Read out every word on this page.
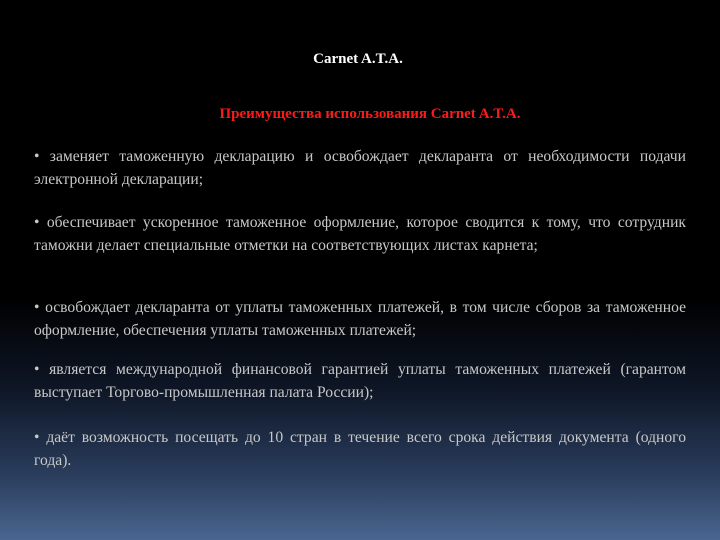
Carnet A.T.A.
Преимущества использования Carnet A.T.A.
• заменяет таможенную декларацию и освобождает декларанта от необходимости подачи электронной декларации;
• обеспечивает ускоренное таможенное оформление, которое сводится к тому, что сотрудник таможни делает специальные отметки на соответствующих листах карнета;
• освобождает декларанта от уплаты таможенных платежей, в том числе сборов за таможенное оформление, обеспечения уплаты таможенных платежей;
• является международной финансовой гарантией уплаты таможенных платежей (гарантом выступает Торгово-промышленная палата России);
• даёт возможность посещать до 10 стран в течение всего срока действия документа (одного года).
